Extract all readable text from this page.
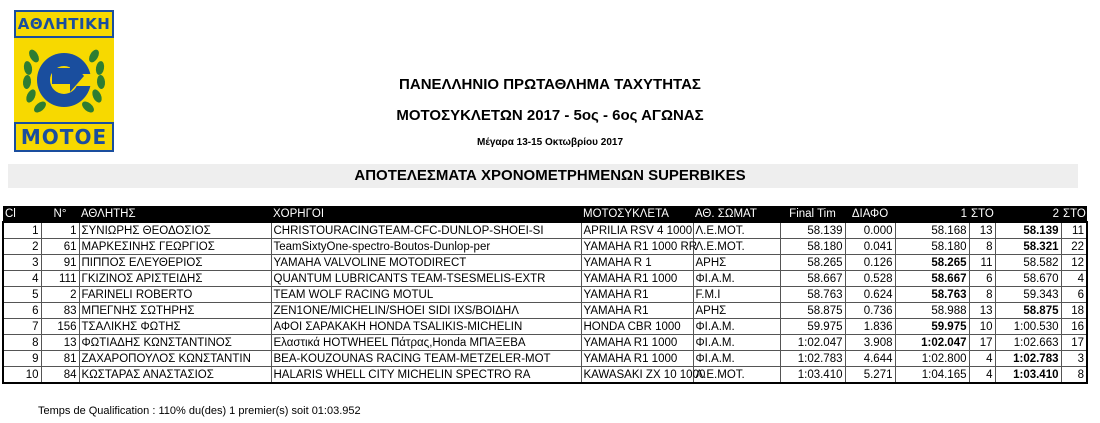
ΑΘΛΗΤΙΚΗ
MOTOE
ΠΑΝΕΛΛΗΝΙΟ ΠΡΩΤΑΘΛΗΜΑ ΤΑΧΥΤΗΤΑΣ
ΜΟΤΟΣΥΚΛΕΤΩΝ 2017 - 5ος - 6ος ΑΓΩΝΑΣ
Μέγαρα 13-15 Οκτωβρίου 2017
ΑΠΟΤΕΛΕΣΜΑΤΑ ΧΡΟΝΟΜΕΤΡΗΜΕΝΩΝ SUPERBIKES
Cl	N°	ΑΘΛΗΤΗΣ	ΧΟΡΗΓΟΙ	ΜΟΤΟΣΥΚΛΕΤΑ	ΑΘ. ΣΩΜΑΤ	Final Tim	ΔΙΑΦΟ	1	ΣΤΟ	2	ΣΤΟ
1	1	ΣΥΝΙΩΡΗΣ ΘΕΟΔΟΣΙΟΣ	CHRISTOURACINGTEAM-CFC-DUNLOP-SHOEI-SI	APRILIA RSV 4 1000	Λ.Ε.ΜΟΤ.	58.139	0.000	58.168	13	58.139	11
2	61	ΜΑΡΚΕΣΙΝΗΣ ΓΕΩΡΓΙΟΣ	TeamSixtyOne-spectro-Boutos-Dunlop-per	YAMAHA R1 1000 RR	Λ.Ε.ΜΟΤ.	58.180	0.041	58.180	8	58.321	22
3	91	ΠΙΠΠΟΣ ΕΛΕΥΘΕΡΙΟΣ	YAMAHA VALVOLINE MOTODIRECT	YAMAHA R 1	ΑΡΗΣ	58.265	0.126	58.265	11	58.582	12
4	111	ΓΚΙΖΙΝΟΣ ΑΡΙΣΤΕΙΔΗΣ	QUANTUM LUBRICANTS TEAM-TSESMELIS-EXTR	YAMAHA R1 1000	ΦΙ.Α.Μ.	58.667	0.528	58.667	6	58.670	4
5	2	FARINELI ROBERTO	TEAM WOLF RACING MOTUL	YAMAHA R1	F.M.I	58.763	0.624	58.763	8	59.343	6
6	83	ΜΠΕΓΝΗΣ ΣΩΤΗΡΗΣ	ZEN1ONE/MICHELIN/SHOEI SIDI IXS/ΒΟΙΔΗΛ	YAMAHA R1	ΑΡΗΣ	58.875	0.736	58.988	13	58.875	18
7	156	ΤΣΑΛΙΚΗΣ ΦΩΤΗΣ	ΑΦΟΙ ΣΑΡΑΚΑΚΗ HONDA TSALIKIS-MICHELIN	HONDA CBR 1000	ΦΙ.Α.Μ.	59.975	1.836	59.975	10	1:00.530	16
8	13	ΦΩΤΙΑΔΗΣ ΚΩΝΣΤΑΝΤΙΝΟΣ	Ελαστικά HOTWHEEL Πάτρας,Honda ΜΠΑΞΕΒΑ	YAMAHA R1 1000	ΦΙ.Α.Μ.	1:02.047	3.908	1:02.047	17	1:02.663	17
9	81	ΖΑΧΑΡΟΠΟΥΛΟΣ ΚΩΝΣΤΑΝΤΙΝ	BEA-KOUZOUNAS RACING TEAM-METZELER-MOT	YAMAHA R1 1000	ΦΙ.Α.Μ.	1:02.783	4.644	1:02.800	4	1:02.783	3
10	84	ΚΩΣΤΑΡΑΣ ΑΝΑΣΤΑΣΙΟΣ	HALARIS WHELL CITY MICHELIN SPECTRO RA	KAWASAKI ZX 10 1000	Λ.Ε.ΜΟΤ.	1:03.410	5.271	1:04.165	4	1:03.410	8
Temps de Qualification : 110% du(des) 1 premier(s) soit 01:03.952
